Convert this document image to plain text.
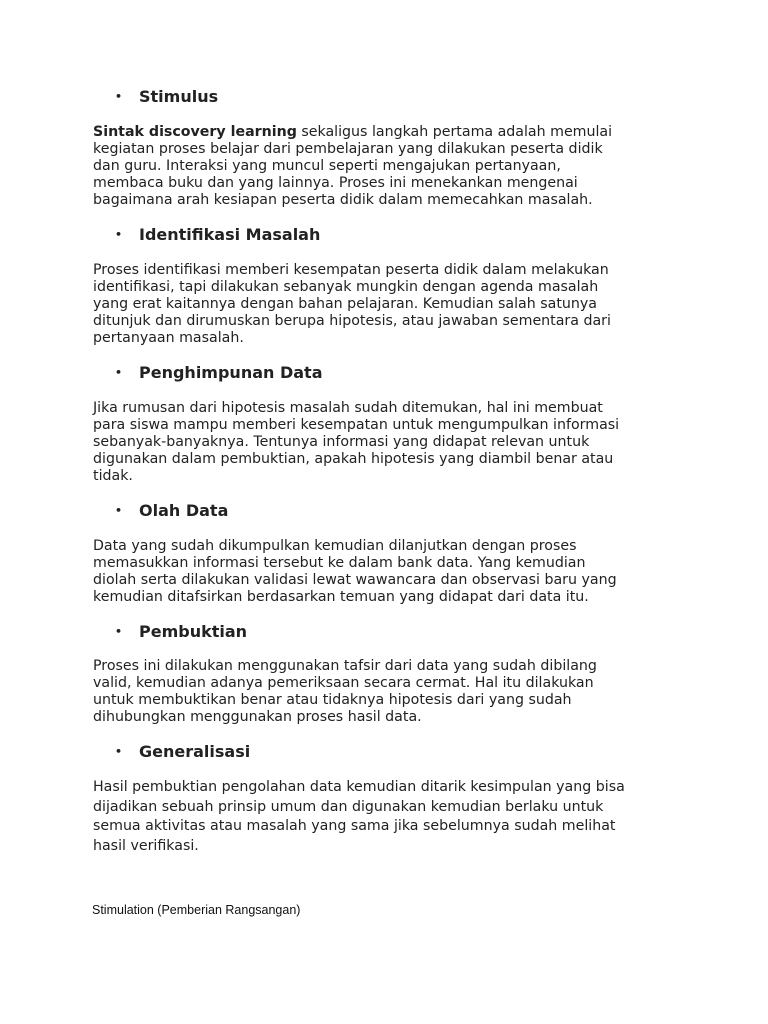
• Stimulus

Sintak discovery learning sekaligus langkah pertama adalah memulai
kegiatan proses belajar dari pembelajaran yang dilakukan peserta didik
dan guru. Interaksi yang muncul seperti mengajukan pertanyaan,
membaca buku dan yang lainnya. Proses ini menekankan mengenai
bagaimana arah kesiapan peserta didik dalam memecahkan masalah.

• Identifikasi Masalah

Proses identifikasi memberi kesempatan peserta didik dalam melakukan
identifikasi, tapi dilakukan sebanyak mungkin dengan agenda masalah
yang erat kaitannya dengan bahan pelajaran. Kemudian salah satunya
ditunjuk dan dirumuskan berupa hipotesis, atau jawaban sementara dari
pertanyaan masalah.

• Penghimpunan Data

Jika rumusan dari hipotesis masalah sudah ditemukan, hal ini membuat
para siswa mampu memberi kesempatan untuk mengumpulkan informasi
sebanyak-banyaknya. Tentunya informasi yang didapat relevan untuk
digunakan dalam pembuktian, apakah hipotesis yang diambil benar atau
tidak.

• Olah Data

Data yang sudah dikumpulkan kemudian dilanjutkan dengan proses
memasukkan informasi tersebut ke dalam bank data. Yang kemudian
diolah serta dilakukan validasi lewat wawancara dan observasi baru yang
kemudian ditafsirkan berdasarkan temuan yang didapat dari data itu.

• Pembuktian

Proses ini dilakukan menggunakan tafsir dari data yang sudah dibilang
valid, kemudian adanya pemeriksaan secara cermat. Hal itu dilakukan
untuk membuktikan benar atau tidaknya hipotesis dari yang sudah
dihubungkan menggunakan proses hasil data.

• Generalisasi

Hasil pembuktian pengolahan data kemudian ditarik kesimpulan yang bisa
dijadikan sebuah prinsip umum dan digunakan kemudian berlaku untuk
semua aktivitas atau masalah yang sama jika sebelumnya sudah melihat
hasil verifikasi.

Stimulation (Pemberian Rangsangan)
